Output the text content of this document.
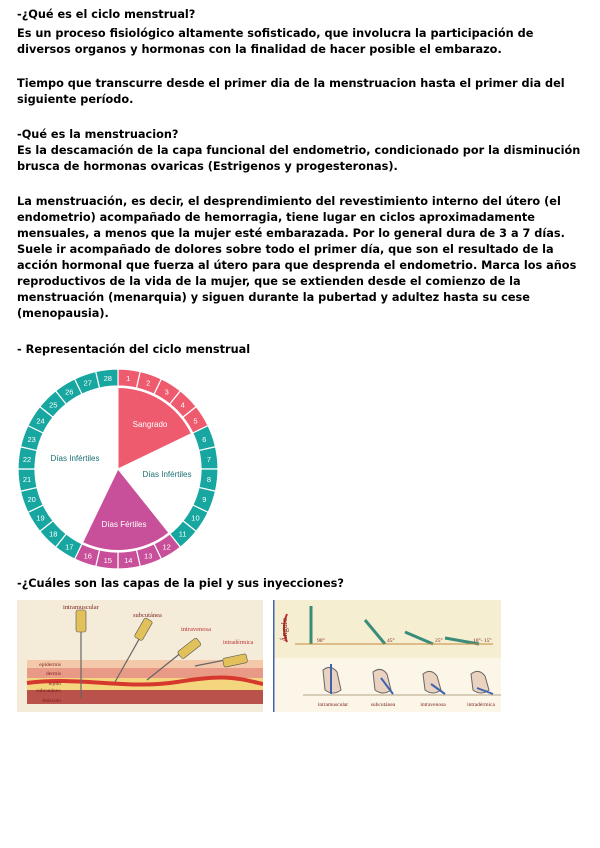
-¿Qué es el ciclo menstrual?

Es un proceso fisiológico altamente sofisticado, que involucra la participación de diversos organos y hormonas con la finalidad de hacer posible el embarazo.

Tiempo que transcurre desde el primer dia de la menstruacion hasta el primer dia del siguiente período.

-Qué es la menstruacion?

Es la descamación de la capa funcional del endometrio, condicionado por la disminución brusca de hormonas ovaricas (Estrigenos y progesteronas).

La menstruación, es decir, el desprendimiento del revestimiento interno del útero (el endometrio) acompañado de hemorragia, tiene lugar en ciclos aproximadamente mensuales, a menos que la mujer esté embarazada. Por lo general dura de 3 a 7 días. Suele ir acompañado de dolores sobre todo el primer día, que son el resultado de la acción hormonal que fuerza al útero para que desprenda el endometrio. Marca los años reproductivos de la vida de la mujer, que se extienden desde el comienzo de la menstruación (menarquia) y siguen durante la pubertad y adultez hasta su cese (menopausia).

- Representación del ciclo menstrual

1
2
3
4
5
6
7
8
9
10
11
12
13
14
15
16
17
18
19
20
21
22
23
24
25
26
27
28
Sangrado
Días Infértiles
Días Infértiles
Días Fértiles

-¿Cuáles son las capas de la piel y sus inyecciones?

intramuscular
subcutánea
intravenosa
intradérmica
epidermis
dermis
tejido
subcutáneo
músculo
Ángulo	90°	45°	25°	10°- 15°
intramuscular	subcutánea	intravenosa	intradérmica
